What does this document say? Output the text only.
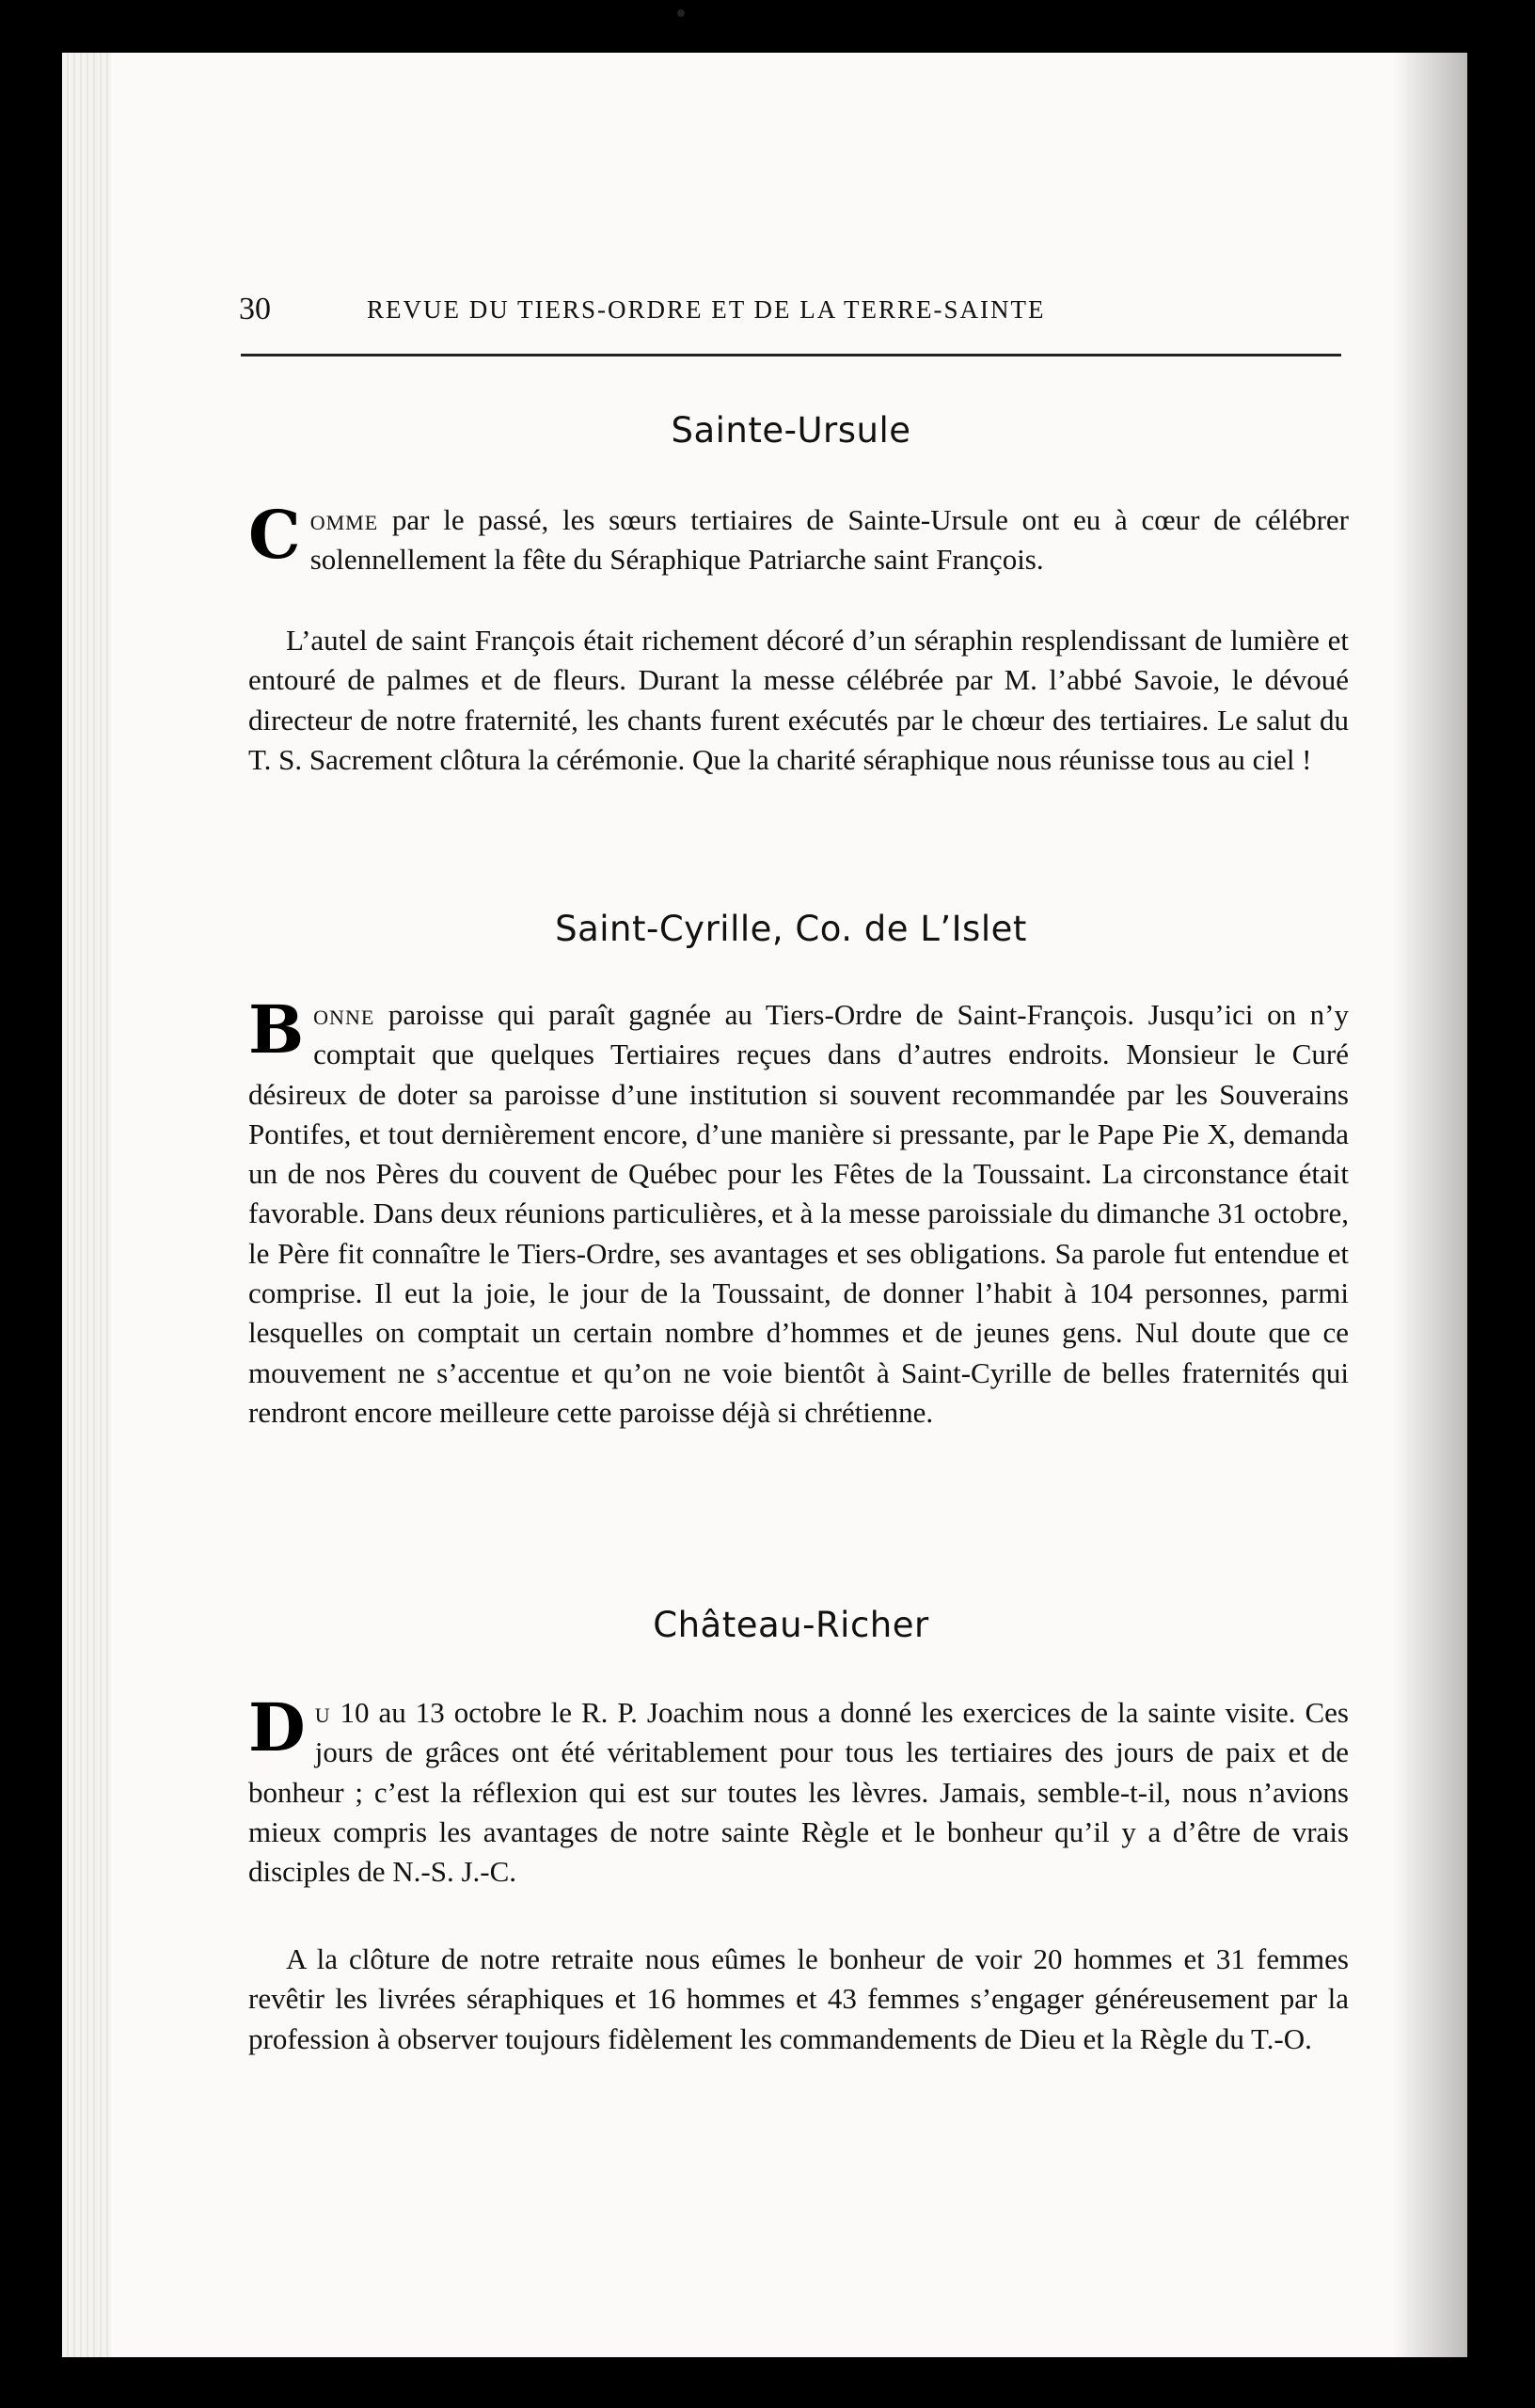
30	REVUE DU TIERS-ORDRE ET DE LA TERRE-SAINTE
Sainte-Ursule
Comme par le passé, les sœurs tertiaires de Sainte-Ursule ont eu à cœur de célébrer solennellement la fête du Séraphique Patriarche saint François.
L’autel de saint François était richement décoré d’un séraphin resplendissant de lumière et entouré de palmes et de fleurs. Durant la messe célébrée par M. l’abbé Savoie, le dévoué directeur de notre fraternité, les chants furent exécutés par le chœur des tertiaires. Le salut du T. S. Sacrement clôtura la cérémonie. Que la charité séraphique nous réunisse tous au ciel !
Saint-Cyrille, Co. de L’Islet
Bonne paroisse qui paraît gagnée au Tiers-Ordre de Saint-François. Jusqu’ici on n’y comptait que quelques Tertiaires reçues dans d’autres endroits. Monsieur le Curé désireux de doter sa paroisse d’une institution si souvent recommandée par les Souverains Pontifes, et tout dernièrement encore, d’une manière si pressante, par le Pape Pie X, demanda un de nos Pères du couvent de Québec pour les Fêtes de la Toussaint. La circonstance était favorable. Dans deux réunions particulières, et à la messe paroissiale du dimanche 31 octobre, le Père fit connaître le Tiers-Ordre, ses avantages et ses obligations. Sa parole fut entendue et comprise. Il eut la joie, le jour de la Toussaint, de donner l’habit à 104 personnes, parmi lesquelles on comptait un certain nombre d’hommes et de jeunes gens. Nul doute que ce mouvement ne s’accentue et qu’on ne voie bientôt à Saint-Cyrille de belles fraternités qui rendront encore meilleure cette paroisse déjà si chrétienne.
Château-Richer
Du 10 au 13 octobre le R. P. Joachim nous a donné les exercices de la sainte visite. Ces jours de grâces ont été véritablement pour tous les tertiaires des jours de paix et de bonheur ; c’est la réflexion qui est sur toutes les lèvres. Jamais, semble-t-il, nous n’avions mieux compris les avantages de notre sainte Règle et le bonheur qu’il y a d’être de vrais disciples de N.-S. J.-C.
A la clôture de notre retraite nous eûmes le bonheur de voir 20 hommes et 31 femmes revêtir les livrées séraphiques et 16 hommes et 43 femmes s’engager généreusement par la profession à observer toujours fidèlement les commandements de Dieu et la Règle du T.-O.
